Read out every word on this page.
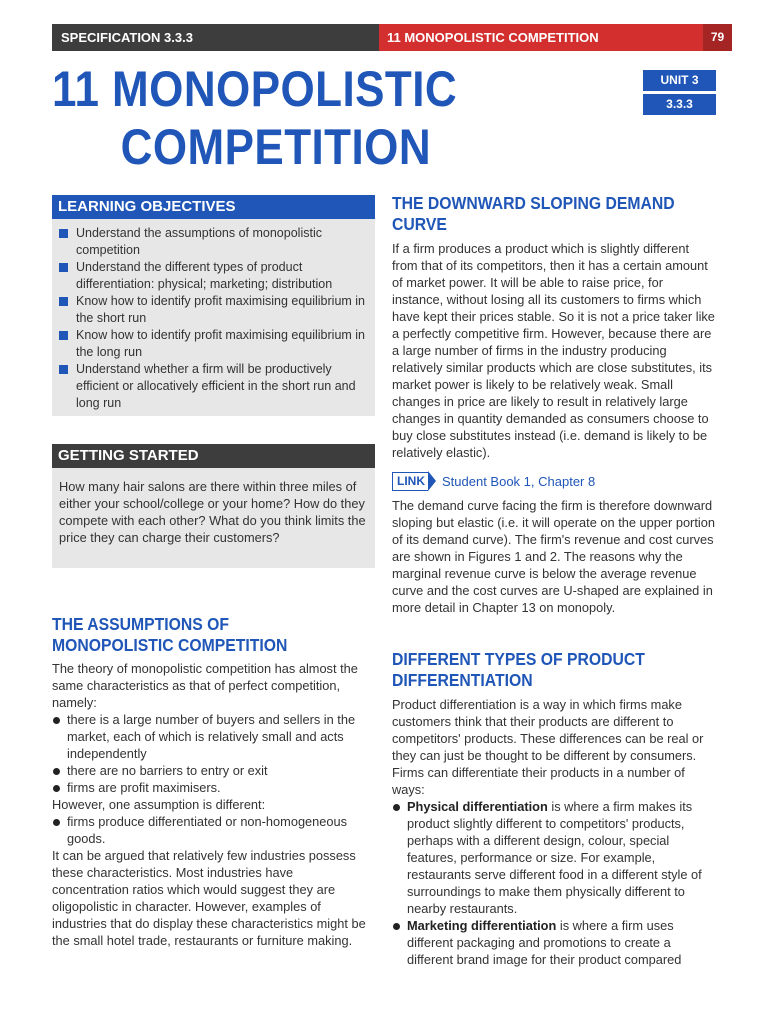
SPECIFICATION 3.3.3	11 MONOPOLISTIC COMPETITION	79
11 MONOPOLISTIC
COMPETITION
UNIT 3
3.3.3
LEARNING OBJECTIVES
Understand the assumptions of monopolistic competition
Understand the different types of product differentiation: physical; marketing; distribution
Know how to identify profit maximising equilibrium in the short run
Know how to identify profit maximising equilibrium in the long run
Understand whether a firm will be productively efficient or allocatively efficient in the short run and long run
GETTING STARTED

How many hair salons are there within three miles of either your school/college or your home? How do they compete with each other? What do you think limits the price they can charge their customers?

THE ASSUMPTIONS OF MONOPOLISTIC COMPETITION

The theory of monopolistic competition has almost the same characteristics as that of perfect competition, namely:

there is a large number of buyers and sellers in the market, each of which is relatively small and acts independently
there are no barriers to entry or exit
firms are profit maximisers.

However, one assumption is different:

firms produce differentiated or non-homogeneous goods.

It can be argued that relatively few industries possess these characteristics. Most industries have concentration ratios which would suggest they are oligopolistic in character. However, examples of industries that do display these characteristics might be the small hotel trade, restaurants or furniture making.

THE DOWNWARD SLOPING DEMAND CURVE

If a firm produces a product which is slightly different from that of its competitors, then it has a certain amount of market power. It will be able to raise price, for instance, without losing all its customers to firms which have kept their prices stable. So it is not a price taker like a perfectly competitive firm. However, because there are a large number of firms in the industry producing relatively similar products which are close substitutes, its market power is likely to be relatively weak. Small changes in price are likely to result in relatively large changes in quantity demanded as consumers choose to buy close substitutes instead (i.e. demand is likely to be relatively elastic).

LINK Student Book 1, Chapter 8

The demand curve facing the firm is therefore downward sloping but elastic (i.e. it will operate on the upper portion of its demand curve). The firm's revenue and cost curves are shown in Figures 1 and 2. The reasons why the marginal revenue curve is below the average revenue curve and the cost curves are U-shaped are explained in more detail in Chapter 13 on monopoly.

DIFFERENT TYPES OF PRODUCT DIFFERENTIATION

Product differentiation is a way in which firms make customers think that their products are different to competitors' products. These differences can be real or they can just be thought to be different by consumers. Firms can differentiate their products in a number of ways:

Physical differentiation is where a firm makes its product slightly different to competitors' products, perhaps with a different design, colour, special features, performance or size. For example, restaurants serve different food in a different style of surroundings to make them physically different to nearby restaurants.
Marketing differentiation is where a firm uses different packaging and promotions to create a different brand image for their product compared
